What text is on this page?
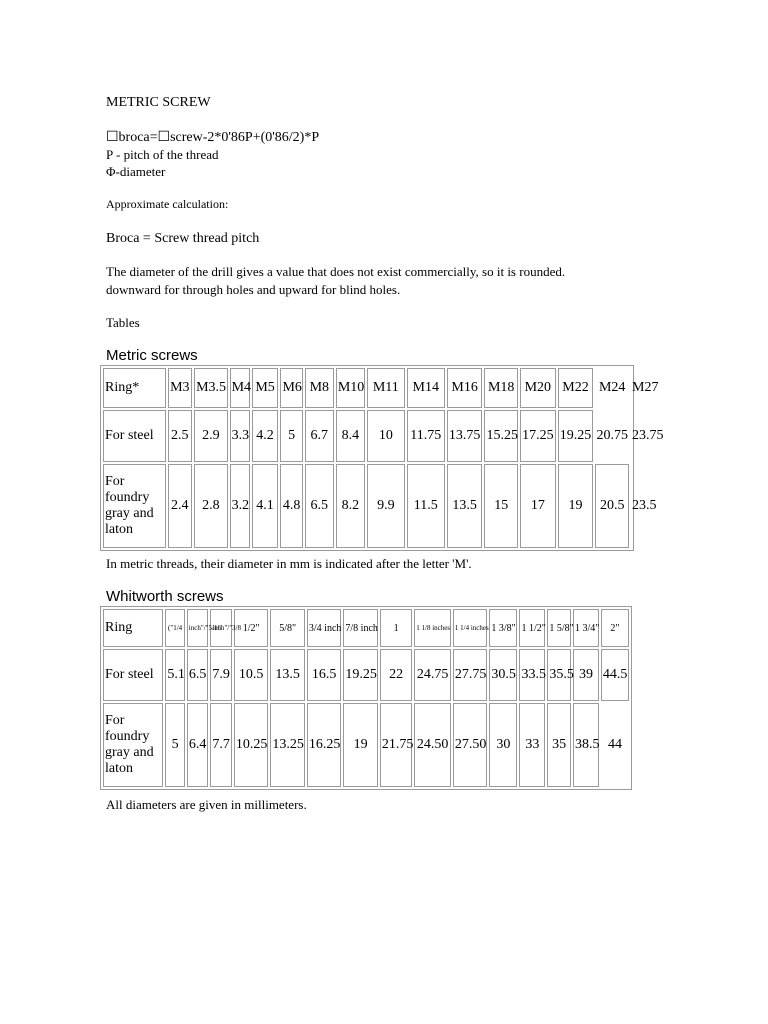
METRIC SCREW
☐broca=☐screw-2*0'86P+(0'86/2)*P
P - pitch of the thread
Φ-diameter
Approximate calculation:
Broca = Screw thread pitch
The diameter of the drill gives a value that does not exist commercially, so it is rounded.
downward for through holes and upward for blind holes.
Tables
Metric screws
Ring*	M3	M3.5	M4	M5	M6	M8	M10	M11	M14	M16	M18	M20	M22	M24	M27
For steel	2.5	2.9	3.3	4.2	5	6.7	8.4	10	11.75	13.75	15.25	17.25	19.25	20.75	23.75
For foundry gray and laton	2.4	2.8	3.2	4.1	4.8	6.5	8.2	9.9	11.5	13.5	15	17	19	20.5	23.5
In metric threads, their diameter in mm is indicated after the letter 'M'.
Whitworth screws
Ring	("1/4	inch"/"5/16	inch"/"3/8	1/2"	5/8"	3/4 inch	7/8 inch	1	1 1/8 inches	1 1/4 inches	1 3/8"	1 1/2"	1 5/8"	1 3/4"	2"
For steel	5.1	6.5	7.9	10.5	13.5	16.5	19.25	22	24.75	27.75	30.5	33.5	35.5	39	44.5
For foundry gray and laton	5	6.4	7.7	10.25	13.25	16.25	19	21.75	24.50	27.50	30	33	35	38.5	44
All diameters are given in millimeters.
